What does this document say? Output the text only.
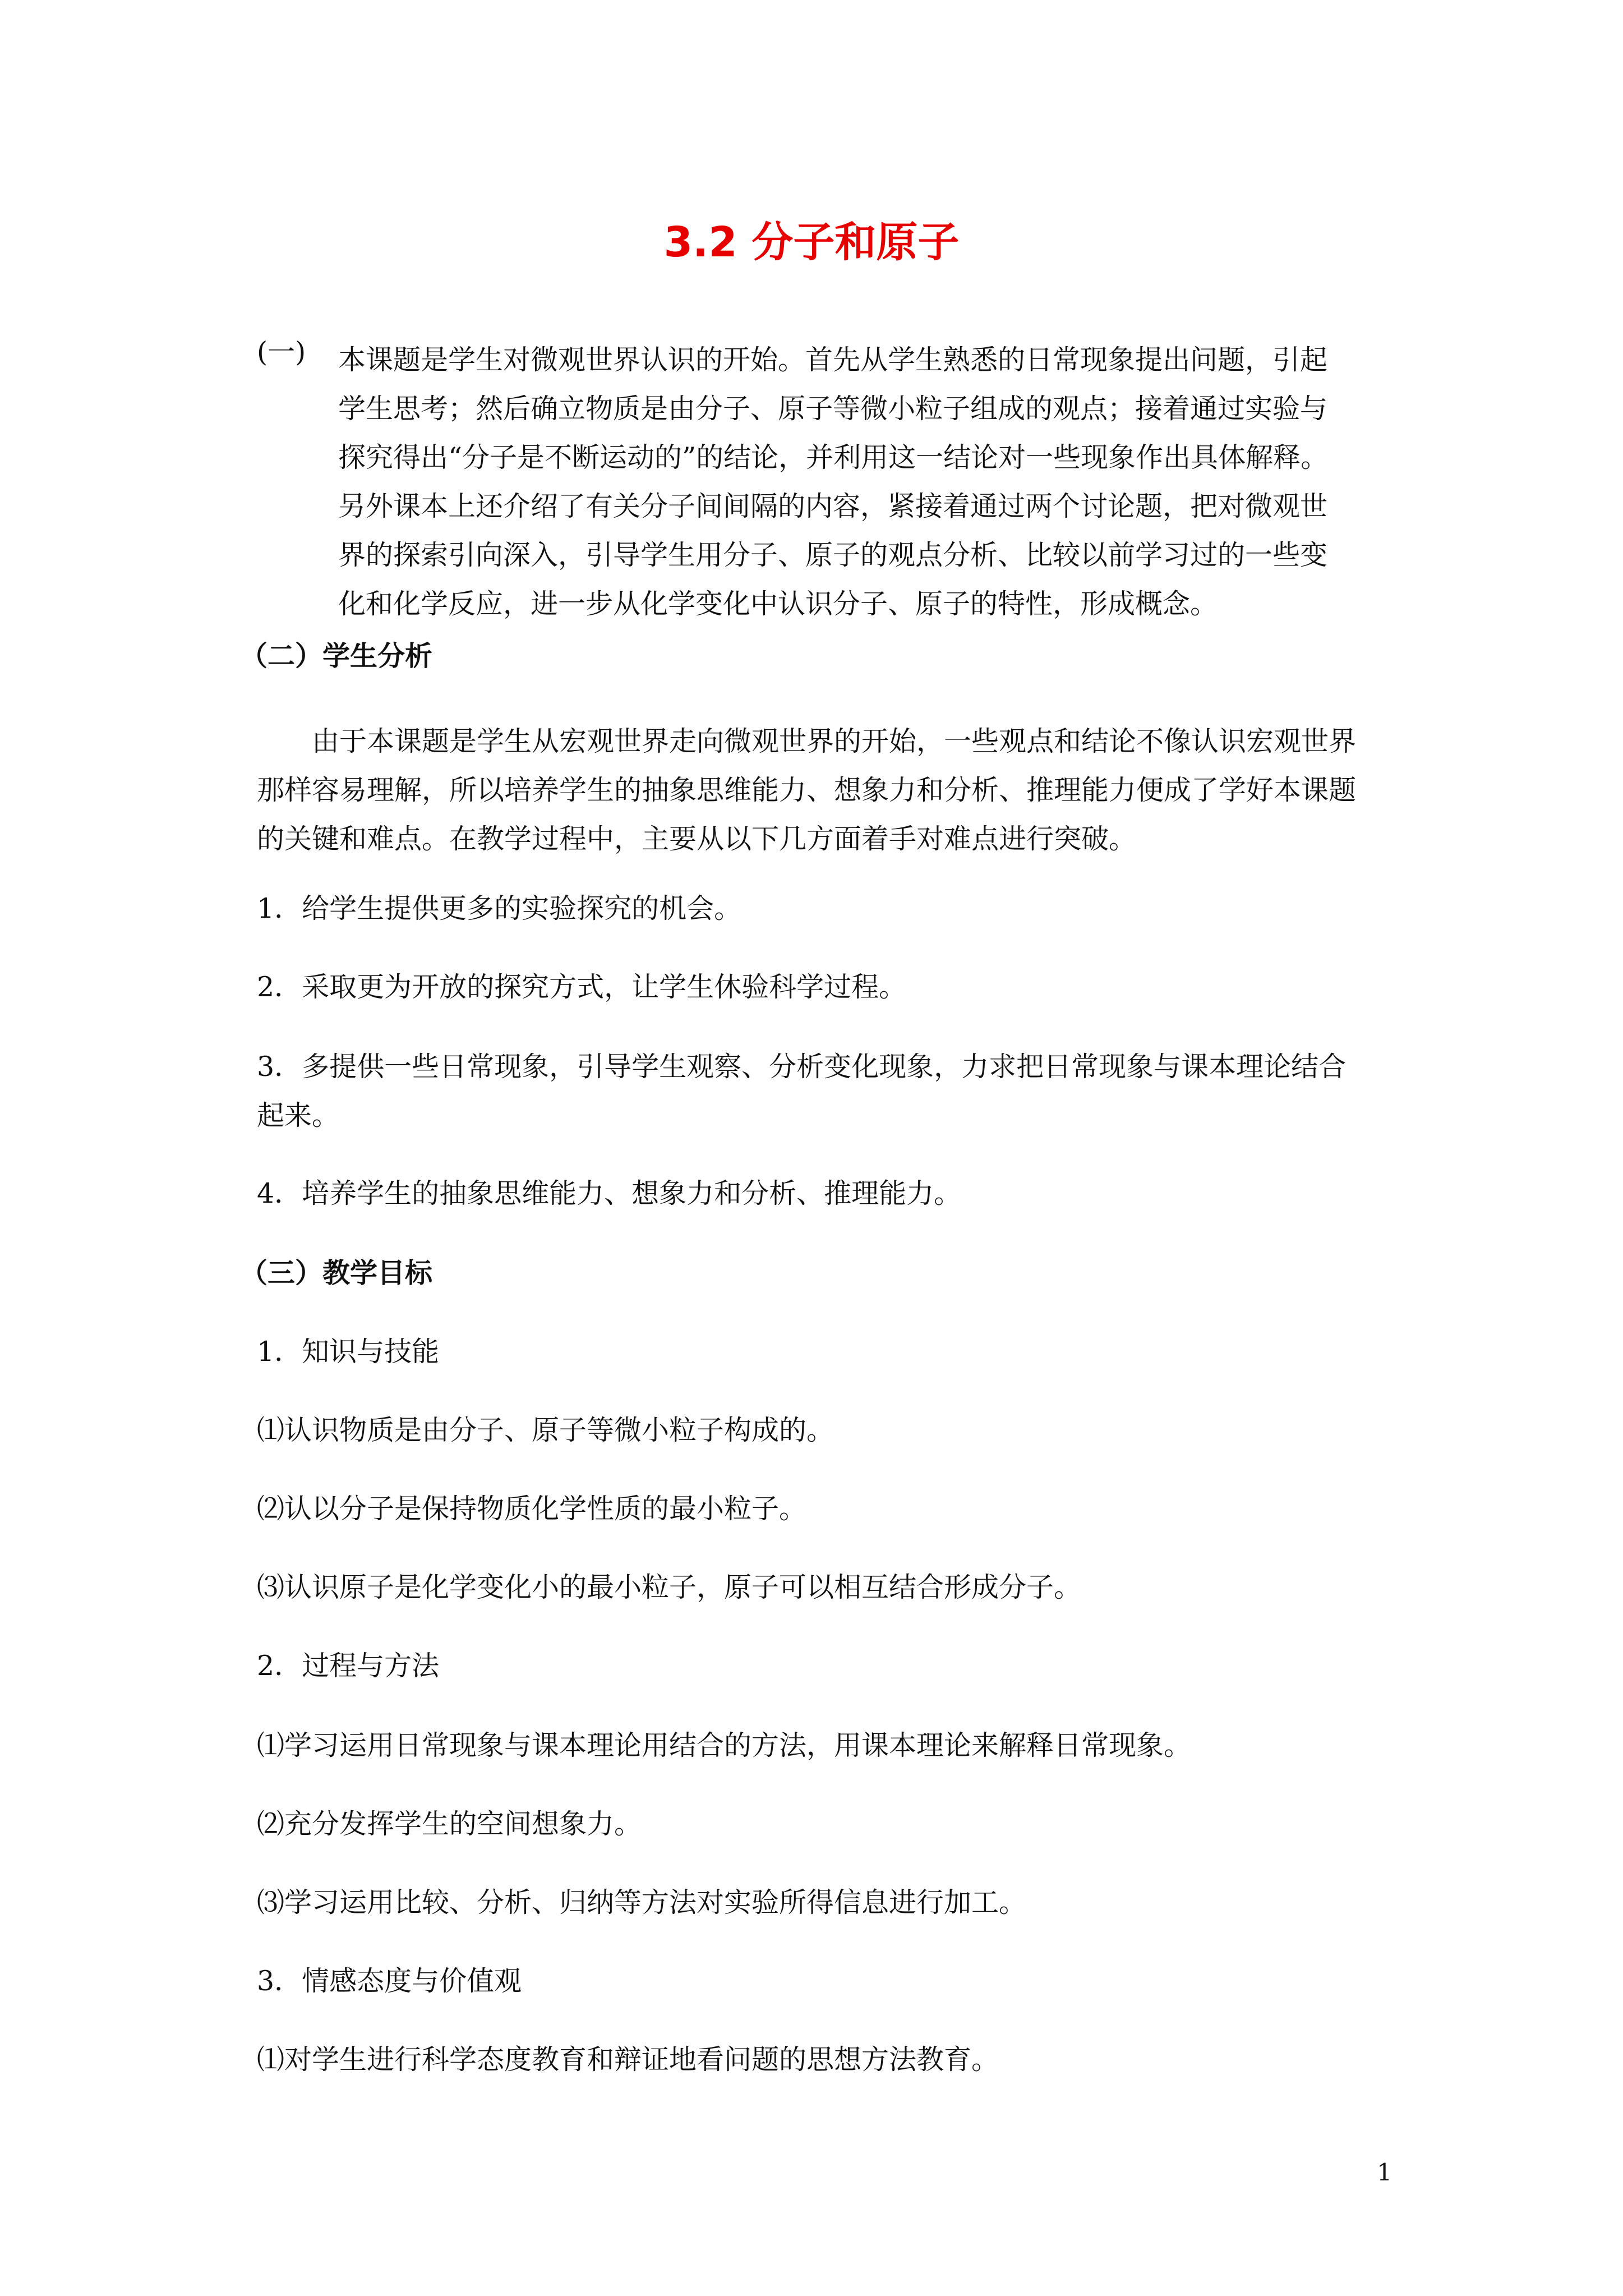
3.2 分子和原子
(一) 本课题是学生对微观世界认识的开始。首先从学生熟悉的日常现象提出问题，引起
学生思考；然后确立物质是由分子、原子等微小粒子组成的观点；接着通过实验与
探究得出“分子是不断运动的”的结论，并利用这一结论对一些现象作出具体解释。
另外课本上还介绍了有关分子间间隔的内容，紧接着通过两个讨论题，把对微观世
界的探索引向深入，引导学生用分子、原子的观点分析、比较以前学习过的一些变
化和化学反应，进一步从化学变化中认识分子、原子的特性，形成概念。
（二）学生分析
由于本课题是学生从宏观世界走向微观世界的开始，一些观点和结论不像认识宏观世界
那样容易理解，所以培养学生的抽象思维能力、想象力和分析、推理能力便成了学好本课题
的关键和难点。在教学过程中，主要从以下几方面着手对难点进行突破。
1．给学生提供更多的实验探究的机会。
2．采取更为开放的探究方式，让学生休验科学过程。
3．多提供一些日常现象，引导学生观察、分析变化现象，力求把日常现象与课本理论结合
起来。
4．培养学生的抽象思维能力、想象力和分析、推理能力。
（三）教学目标
1．知识与技能
⑴认识物质是由分子、原子等微小粒子构成的。
⑵认以分子是保持物质化学性质的最小粒子。
⑶认识原子是化学变化小的最小粒子，原子可以相互结合形成分子。
2．过程与方法
⑴学习运用日常现象与课本理论用结合的方法，用课本理论来解释日常现象。
⑵充分发挥学生的空间想象力。
⑶学习运用比较、分析、归纳等方法对实验所得信息进行加工。
3．情感态度与价值观
⑴对学生进行科学态度教育和辩证地看问题的思想方法教育。
1
